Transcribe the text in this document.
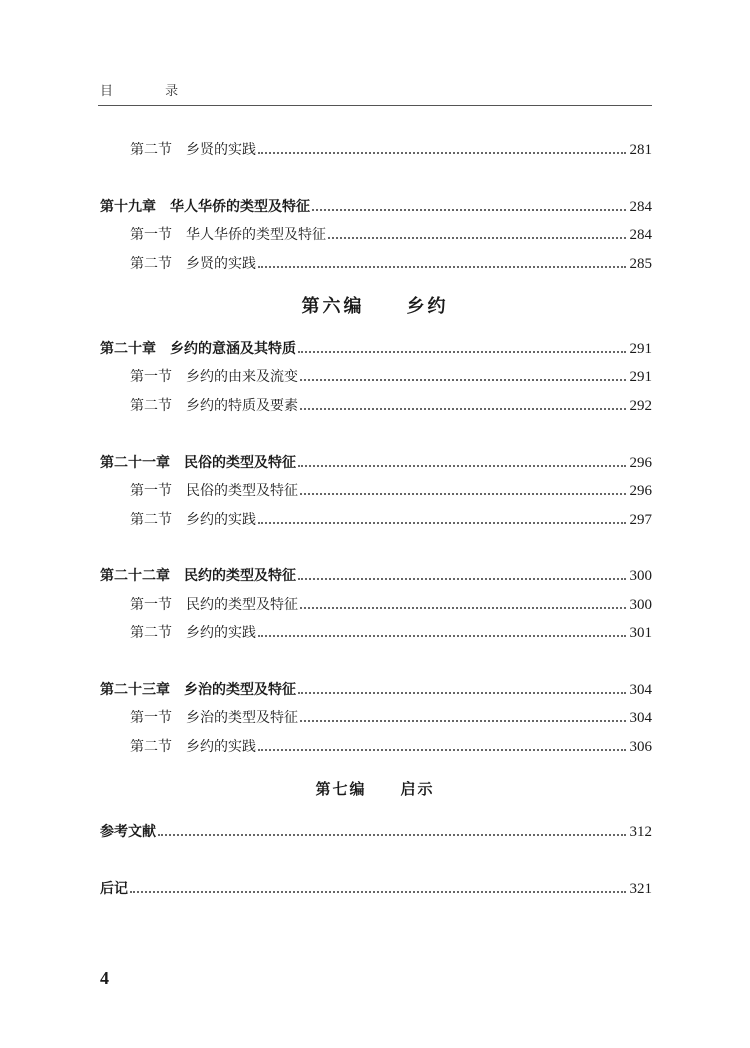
目 录
第二节　乡贤的实践	281
第十九章　华人华侨的类型及特征	284
第一节　华人华侨的类型及特征	284
第二节　乡贤的实践	285
第六编　　乡约
第二十章　乡约的意涵及其特质	291
第一节　乡约的由来及流变	291
第二节　乡约的特质及要素	292
第二十一章　民俗的类型及特征	296
第一节　民俗的类型及特征	296
第二节　乡约的实践	297
第二十二章　民约的类型及特征	300
第一节　民约的类型及特征	300
第二节　乡约的实践	301
第二十三章　乡治的类型及特征	304
第一节　乡治的类型及特征	304
第二节　乡约的实践	306
第七编　　启示
参考文献	312
后记	321
4
